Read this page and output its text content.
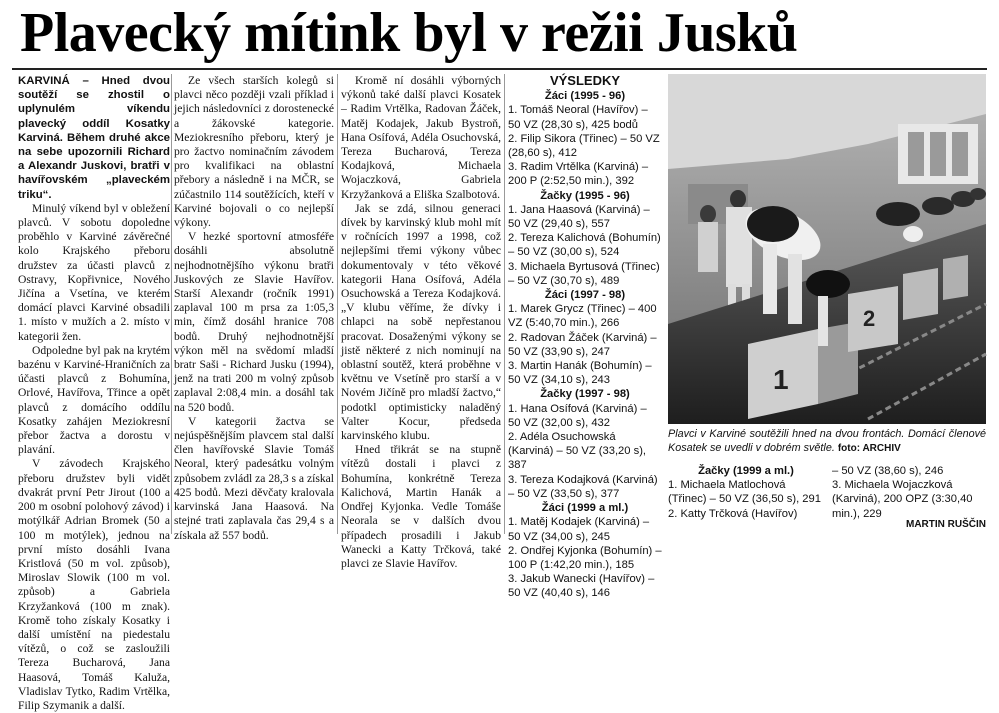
Plavecký mítink byl v režii Jusků

KARVINÁ – Hned dvou soutěží se zhostil o uplynulém víkendu plavecký oddíl Kosatky Karviná. Během druhé akce na sebe upozornili Richard a Alexandr Juskovi, bratři v havířovském „plaveckém triku“.

Minulý víkend byl v obležení plavců. V sobotu dopoledne proběhlo v Karviné závěrečné kolo Krajského přeboru družstev za účasti plavců z Ostravy, Kopřivnice, Nového Jičína a Vsetína, ve kterém domácí plavci Karviné obsadili 1. místo v mužích a 2. místo v kategorii žen.

Odpoledne byl pak na krytém bazénu v Karviné-Hraničních za účasti plavců z Bohumína, Orlové, Havířova, Třince a opět plavců z domácího oddílu Kosatky zahájen Meziokresní přebor žactva a dorostu v plavání.

V závodech Krajského přeboru družstev byli vidět dvakrát první Petr Jirout (100 a 200 m osobní polohový závod) i motýlkář Adrian Bromek (50 a 100 m motýlek), jednou na první místo dosáhli Ivana Kristlová (50 m vol. způsob), Miroslav Slowik (100 m vol. způsob) a Gabriela Krzyžanková (100 m znak). Kromě toho získaly Kosatky i další umístění na piedestalu vítězů, o což se zasloužili Tereza Bucharová, Jana Haasová, Tomáš Kaluža, Vladislav Tytko, Radim Vrtělka, Filip Szymanik a další.

Ze všech starších kolegů si plavci něco později vzali příklad i jejich následovníci z dorostenecké a žákovské kategorie. Meziokresního přeboru, který je pro žactvo nominačním závodem pro kvalifikaci na oblastní přebory a následně i na MČR, se zúčastnilo 114 soutěžících, kteří v Karviné bojovali o co nejlepší výkony.

V hezké sportovní atmosféře dosáhli absolutně nejhodnotnějšího výkonu bratři Juskových ze Slavie Havířov. Starší Alexandr (ročník 1991) zaplaval 100 m prsa za 1:05,3 min, čímž dosáhl hranice 708 bodů. Druhý nejhodnotnější výkon měl na svědomí mladší bratr Saši - Richard Jusku (1994), jenž na trati 200 m volný způsob zaplaval 2:08,4 min. a dosáhl tak na 520 bodů.

V kategorii žactva se nejúspěšnějším plavcem stal další člen havířovské Slavie Tomáš Neoral, který padesátku volným způsobem zvládl za 28,3 s a získal 425 bodů. Mezi děvčaty kralovala karvinská Jana Haasová. Na stejné trati zaplavala čas 29,4 s a získala až 557 bodů.

Kromě ní dosáhli výborných výkonů také další plavci Kosatek – Radim Vrtělka, Radovan Žáček, Matěj Kodajek, Jakub Bystroň, Hana Osífová, Adéla Osuchovská, Tereza Bucharová, Tereza Kodajková, Michaela Wojaczková, Gabriela Krzyžanková a Eliška Szalbotová.

Jak se zdá, silnou generaci dívek by karvinský klub mohl mít v ročnících 1997 a 1998, což nejlepšími třemi výkony vůbec dokumentovaly v této věkové kategorii Hana Osífová, Adéla Osuchowská a Tereza Kodajková. „V klubu věříme, že dívky i chlapci na sobě nepřestanou pracovat. Dosaženými výkony se jistě některé z nich nominují na oblastní soutěž, která proběhne v květnu ve Vsetíně pro starší a v Novém Jičíně pro mladší žactvo,“ podotkl optimisticky naladěný Valter Kocur, předseda karvinského klubu.

Hned třikrát se na stupně vítězů dostali i plavci z Bohumína, konkrétně Tereza Kalichová, Martin Hanák a Ondřej Kyjonka. Vedle Tomáše Neorala se v dalších dvou případech prosadili i Jakub Wanecki a Katty Trčková, také plavci ze Slavie Havířov.

VÝSLEDKY
Žáci (1995 - 96)
1. Tomáš Neoral (Havířov) – 50 VZ (28,30 s), 425 bodů
2. Filip Sikora (Třinec) – 50 VZ (28,60 s), 412
3. Radim Vrtělka (Karviná) – 200 P (2:52,50 min.), 392
Žačky (1995 - 96)
1. Jana Haasová (Karviná) – 50 VZ (29,40 s), 557
2. Tereza Kalichová (Bohumín) – 50 VZ (30,00 s), 524
3. Michaela Byrtusová (Třinec) – 50 VZ (30,70 s), 489
Žáci (1997 - 98)
1. Marek Grycz (Třinec) – 400 VZ (5:40,70 min.), 266
2. Radovan Žáček (Karviná) – 50 VZ (33,90 s), 247
3. Martin Hanák (Bohumín) – 50 VZ (34,10 s), 243
Žačky (1997 - 98)
1. Hana Osífová (Karviná) – 50 VZ (32,00 s), 432
2. Adéla Osuchowská (Karviná) – 50 VZ (33,20 s), 387
3. Tereza Kodajková (Karviná) – 50 VZ (33,50 s), 377
Žáci (1999 a ml.)
1. Matěj Kodajek (Karviná) – 50 VZ (34,00 s), 245
2. Ondřej Kyjonka (Bohumín) – 100 P (1:42,20 min.), 185
3. Jakub Wanecki (Havířov) – 50 VZ (40,40 s), 146
1
2
Plavci v Karviné soutěžili hned na dvou frontách. Domácí členové Kosatek se uvedli v dobrém světle. foto: ARCHIV
Žačky (1999 a ml.)
1. Michaela Matlochová (Třinec) – 50 VZ (36,50 s), 291
2. Katty Trčková (Havířov)
– 50 VZ (38,60 s), 246
3. Michaela Wojaczková (Karviná), 200 OPZ (3:30,40 min.), 229
MARTIN RUŠČIN
